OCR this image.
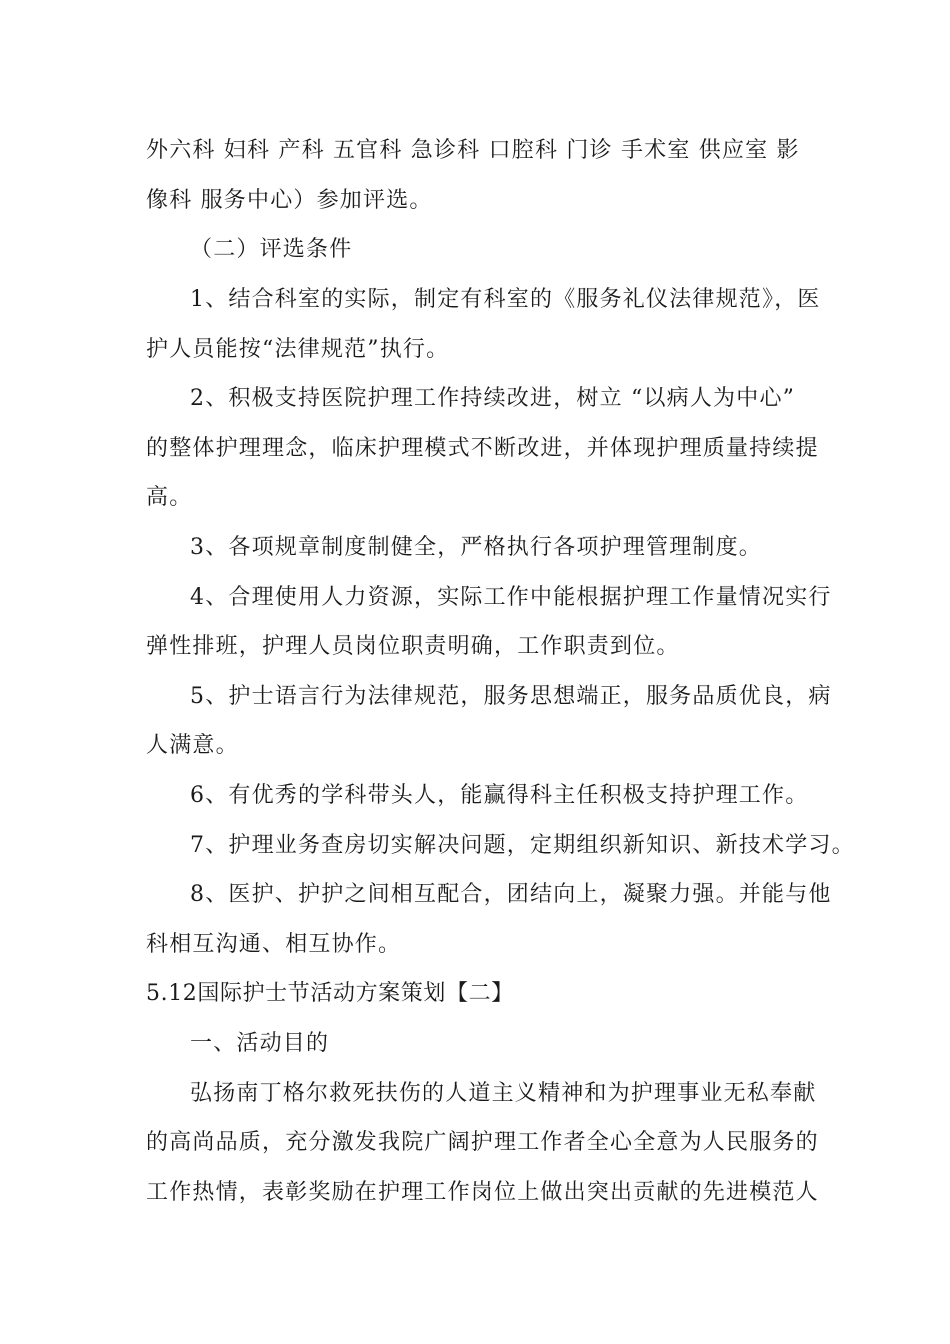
外六科 妇科 产科 五官科 急诊科 口腔科 门诊 手术室 供应室 影
像科 服务中心）参加评选。
（二）评选条件
1、结合科室的实际，制定有科室的《服务礼仪法律规范》，医
护人员能按“法律规范”执行。
2、积极支持医院护理工作持续改进，树立 “以病人为中心”
的整体护理理念，临床护理模式不断改进，并体现护理质量持续提
高。
3、各项规章制度制健全，严格执行各项护理管理制度。
4、合理使用人力资源，实际工作中能根据护理工作量情况实行
弹性排班，护理人员岗位职责明确，工作职责到位。
5、护士语言行为法律规范，服务思想端正，服务品质优良，病
人满意。
6、有优秀的学科带头人，能赢得科主任积极支持护理工作。
7、护理业务查房切实解决问题，定期组织新知识、新技术学习。
8、医护、护护之间相互配合，团结向上，凝聚力强。并能与他
科相互沟通、相互协作。
5.12国际护士节活动方案策划【二】
一、活动目的
弘扬南丁格尔救死扶伤的人道主义精神和为护理事业无私奉献
的高尚品质，充分激发我院广阔护理工作者全心全意为人民服务的
工作热情，表彰奖励在护理工作岗位上做出突出贡献的先进模范人
